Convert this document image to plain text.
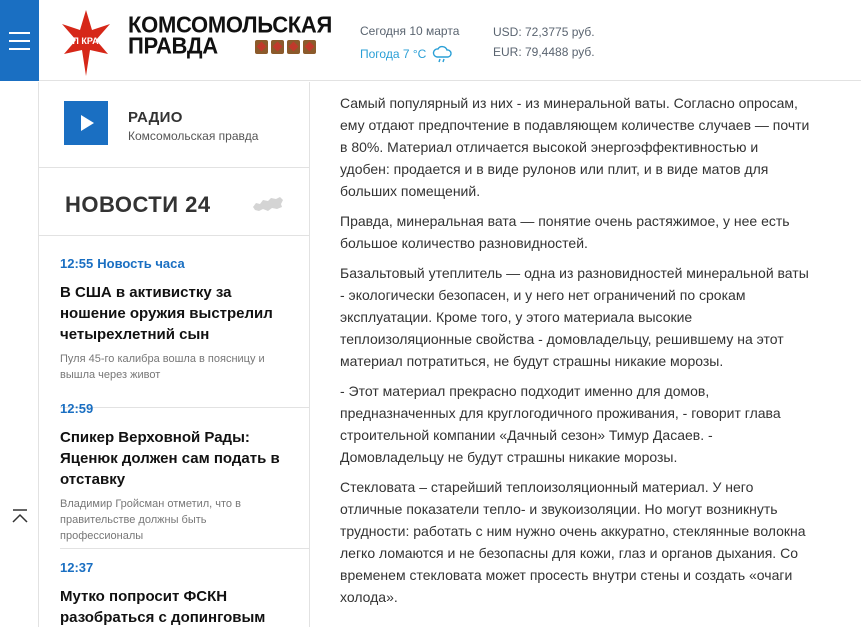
КП КРАЙ
КОМСОМОЛЬСКАЯ
ПРАВДА
Сегодня 10 марта
Погода 7 °C
USD: 72,3775 руб.
EUR: 79,4488 руб.
РАДИО
Комсомольская правда
НОВОСТИ 24
12:55 Новость часа
В США в активистку за ношение оружия выстрелил четырехлетний сын
Пуля 45-го калибра вошла в поясницу и вышла через живот
12:59
Спикер Верховной Рады: Яценюк должен сам подать в отставку
Владимир Гройсман отметил, что в правительстве должны быть профессионалы
12:37
Мутко попросит ФСКН разобраться с допинговым

Самый популярный из них - из минеральной ваты. Согласно опросам, ему отдают предпочтение в подавляющем количестве случаев — почти в 80%. Материал отличается высокой энергоэффективностью и удобен: продается и в виде рулонов или плит, и в виде матов для больших помещений.

Правда, минеральная вата — понятие очень растяжимое, у нее есть большое количество разновидностей.

Базальтовый утеплитель — одна из разновидностей минеральной ваты - экологически безопасен, и у него нет ограничений по срокам эксплуатации. Кроме того, у этого материала высокие теплоизоляционные свойства - домовладельцу, решившему на этот материал потратиться, не будут страшны никакие морозы.

- Этот материал прекрасно подходит именно для домов, предназначенных для круглогодичного проживания, - говорит глава строительной компании «Дачный сезон» Тимур Дасаев. - Домовладельцу не будут страшны никакие морозы.

Стекловата – старейший теплоизоляционный материал. У него отличные показатели тепло- и звукоизоляции. Но могут возникнуть трудности: работать с ним нужно очень аккуратно, стеклянные волокна легко ломаются и не безопасны для кожи, глаз и органов дыхания. Со временем стекловата может просесть внутри стены и создать «очаги холода».
